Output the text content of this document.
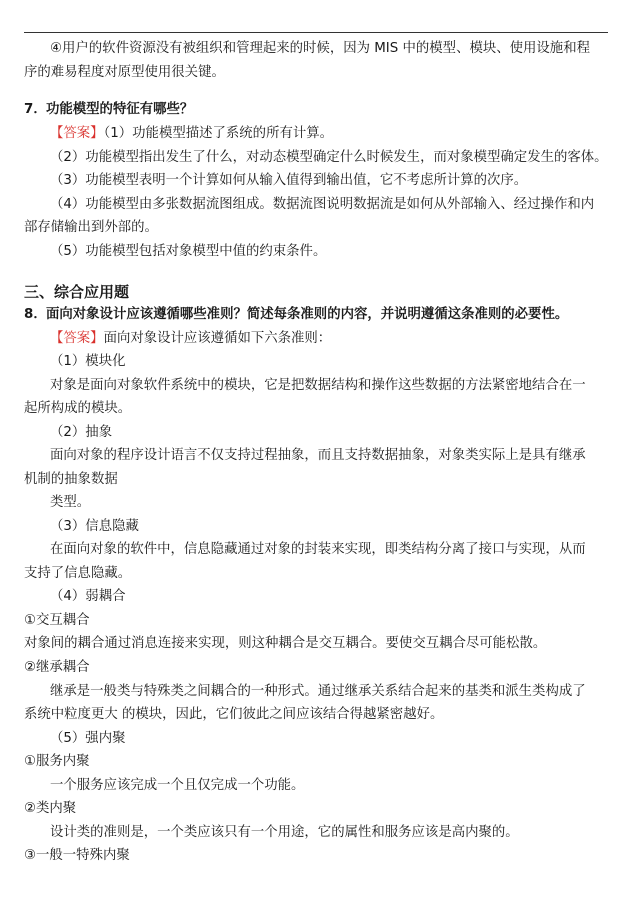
④用户的软件资源没有被组织和管理起来的时候，因为 MIS 中的模型、模块、使用设施和程
序的难易程度对原型使用很关键。
7．功能模型的特征有哪些？
【答案】（1）功能模型描述了系统的所有计算。
（2）功能模型指出发生了什么，对动态模型确定什么时候发生，而对象模型确定发生的客体。
（3）功能模型表明一个计算如何从输入值得到输出值，它不考虑所计算的次序。
（4）功能模型由多张数据流图组成。数据流图说明数据流是如何从外部输入、经过操作和内
部存储输出到外部的。
（5）功能模型包括对象模型中值的约束条件。
三、综合应用题
8．面向对象设计应该遵循哪些准则？简述每条准则的内容，并说明遵循这条准则的必要性。
【答案】面向对象设计应该遵循如下六条准则：
（1）模块化
对象是面向对象软件系统中的模块，它是把数据结构和操作这些数据的方法紧密地结合在一
起所构成的模块。
（2）抽象
面向对象的程序设计语言不仅支持过程抽象，而且支持数据抽象，对象类实际上是具有继承
机制的抽象数据
类型。
（3）信息隐藏
在面向对象的软件中，信息隐藏通过对象的封装来实现，即类结构分离了接口与实现，从而
支持了信息隐藏。
（4）弱耦合
①交互耦合
对象间的耦合通过消息连接来实现，则这种耦合是交互耦合。要使交互耦合尽可能松散。
②继承耦合
继承是一般类与特殊类之间耦合的一种形式。通过继承关系结合起来的基类和派生类构成了
系统中粒度更大 的模块，因此，它们彼此之间应该结合得越紧密越好。
（5）强内聚
①服务内聚
一个服务应该完成一个且仅完成一个功能。
②类内聚
设计类的准则是，一个类应该只有一个用途，它的属性和服务应该是高内聚的。
③一般一特殊内聚
